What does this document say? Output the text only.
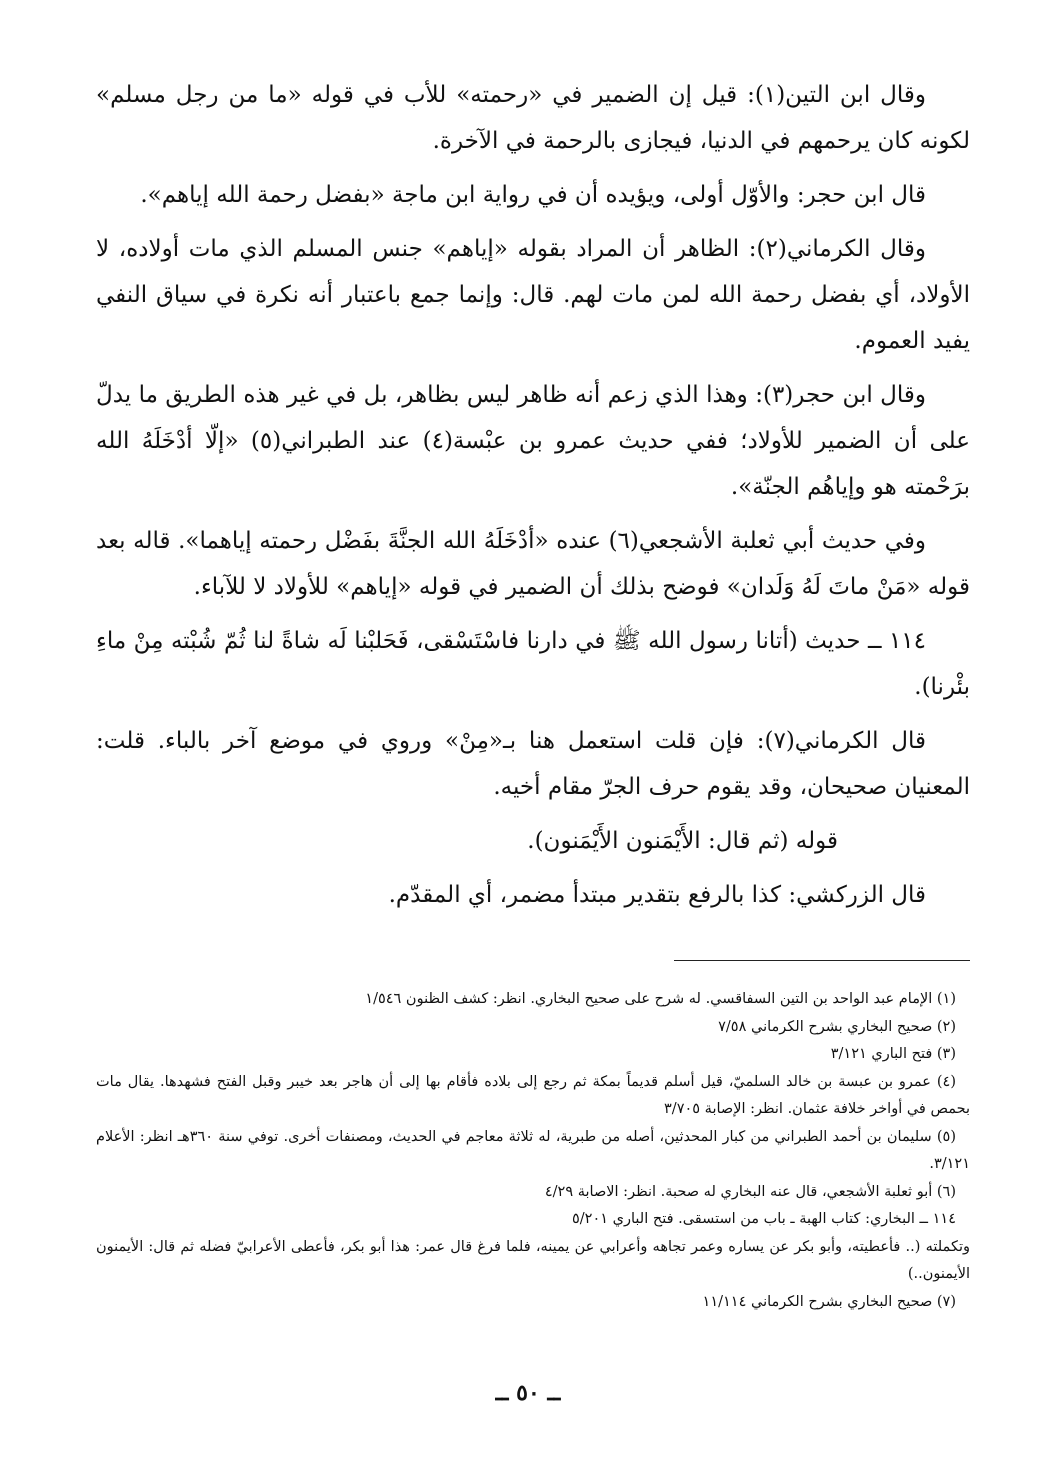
وقال ابن التين(١): قيل إن الضمير في «رحمته» للأب في قوله «ما من رجل مسلم» لكونه كان يرحمهم في الدنيا، فيجازى بالرحمة في الآخرة.

قال ابن حجر: والأوّل أولى، ويؤيده أن في رواية ابن ماجة «بفضل رحمة الله إياهم».

وقال الكرماني(٢): الظاهر أن المراد بقوله «إياهم» جنس المسلم الذي مات أولاده، لا الأولاد، أي بفضل رحمة الله لمن مات لهم. قال: وإنما جمع باعتبار أنه نكرة في سياق النفي يفيد العموم.

وقال ابن حجر(٣): وهذا الذي زعم أنه ظاهر ليس بظاهر، بل في غير هذه الطريق ما يدلّ على أن الضمير للأولاد؛ ففي حديث عمرو بن عبْسة(٤) عند الطبراني(٥) «إلّا أدْخَلَهُ الله برَحْمته هو وإياهُم الجنّة».

وفي حديث أبي ثعلبة الأشجعي(٦) عنده «أدْخَلَهُ الله الجنَّةَ بفَضْل رحمته إياهما». قاله بعد قوله «مَنْ ماتَ لَهُ وَلَدان» فوضح بذلك أن الضمير في قوله «إياهم» للأولاد لا للآباء.

١١٤ ــ حديث (أتانا رسول الله ﷺ في دارنا فاسْتَسْقى، فَحَلبْنا لَه شاةً لنا ثُمّ شُبْته مِنْ ماءِ بئْرنا).

قال الكرماني(٧): فإن قلت استعمل هنا بـ«مِنْ» وروي في موضع آخر بالباء. قلت: المعنيان صحيحان، وقد يقوم حرف الجرّ مقام أخيه.

قوله (ثم قال: الأَيْمَنون الأَيْمَنون).

قال الزركشي: كذا بالرفع بتقدير مبتدأ مضمر، أي المقدّم.

(١) الإمام عبد الواحد بن التين السفاقسي. له شرح على صحيح البخاري. انظر: كشف الظنون ١/٥٤٦

(٢) صحيح البخاري بشرح الكرماني ٧/٥٨

(٣) فتح الباري ٣/١٢١

(٤) عمرو بن عبسة بن خالد السلميّ، قيل أسلم قديماً بمكة ثم رجع إلى بلاده فأقام بها إلى أن هاجر بعد خيبر وقبل الفتح فشهدها. يقال مات بحمص في أواخر خلافة عثمان. انظر: الإصابة ٣/٧٠٥

(٥) سليمان بن أحمد الطبراني من كبار المحدثين، أصله من طبرية، له ثلاثة معاجم في الحديث، ومصنفات أخرى. توفي سنة ٣٦٠هـ انظر: الأعلام ٣/١٢١.

(٦) أبو ثعلبة الأشجعي، قال عنه البخاري له صحبة. انظر: الاصابة ٤/٢٩

١١٤ ــ البخاري: كتاب الهبة ـ باب من استسقى. فتح الباري ٥/٢٠١

وتكملته (.. فأعطيته، وأبو بكر عن يساره وعمر تجاهه وأعرابي عن يمينه، فلما فرغ قال عمر: هذا أبو بكر، فأعطى الأعرابيّ فضله ثم قال: الأيمنون الأيمنون..)

(٧) صحيح البخاري بشرح الكرماني ١١/١١٤

ــ ٥٠ ــ
